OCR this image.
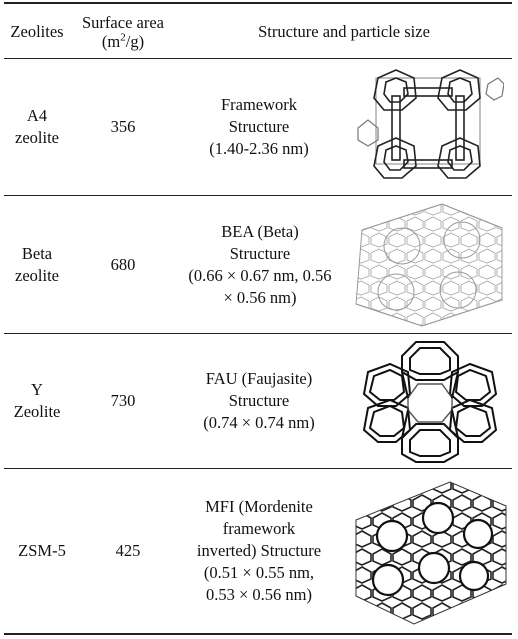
Zeolites Surface area
$(m^2/g)$	Structure and particle size
A4
zeolite
356
Framework
Structure
(1.40-2.36 nm)
Beta
zeolite
680
BEA (Beta)
Structure
(0.66 × 0.67 nm, 0.56
× 0.56 nm)
Y
Zeolite
730
FAU (Faujasite)
Structure
(0.74 × 0.74 nm)
ZSM-5	425
MFI (Mordenite
framework
inverted) Structure
(0.51 × 0.55 nm,
0.53 × 0.56 nm)
